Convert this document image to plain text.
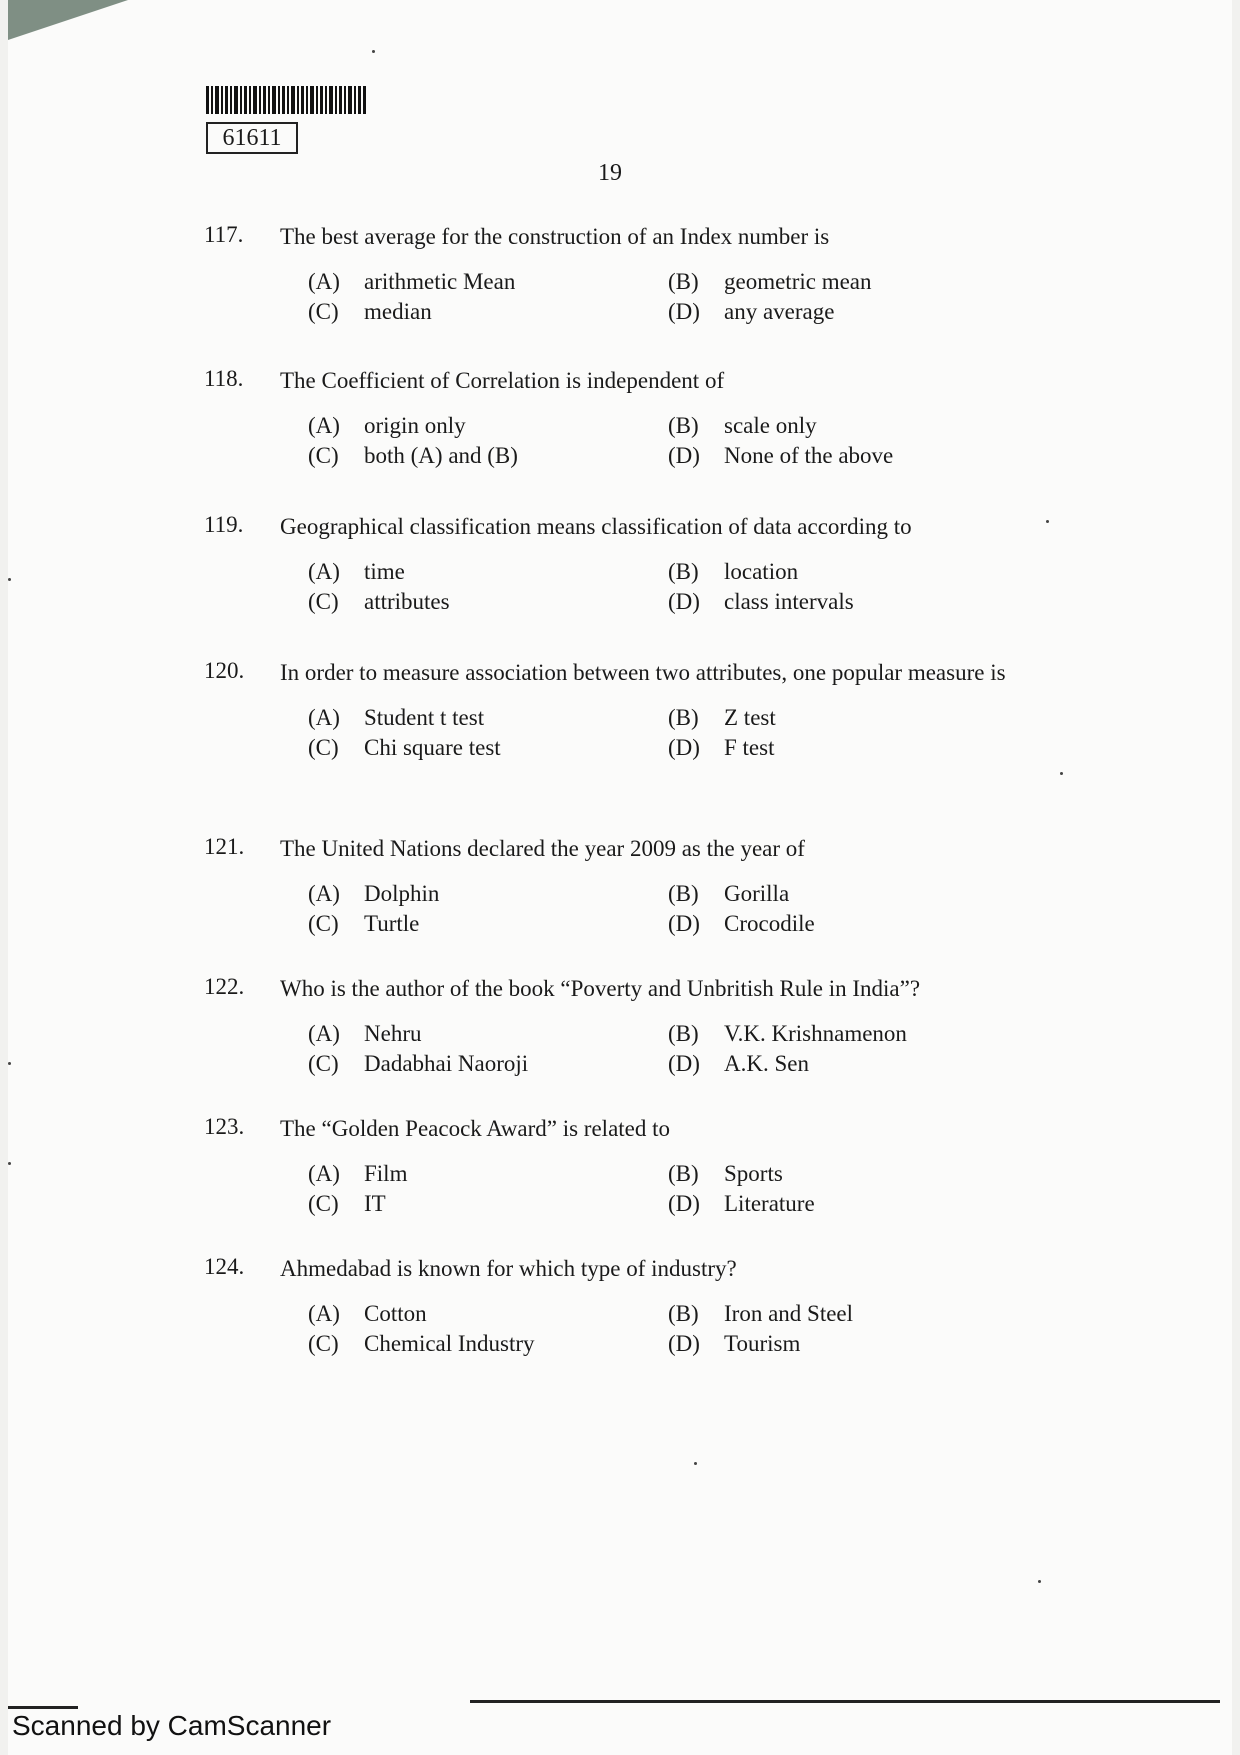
61611
19
117.	The best average for the construction of an Index number is
(A)	arithmetic Mean	(B)	geometric mean
(C)	median	(D)	any average
118.	The Coefficient of Correlation is independent of
(A)	origin only	(B)	scale only
(C)	both (A) and (B)	(D)	None of the above
119.	Geographical classification means classification of data according to
(A)	time	(B)	location
(C)	attributes	(D)	class intervals
120.	In order to measure association between two attributes, one popular measure is
(A)	Student t test	(B)	Z test
(C)	Chi square test	(D)	F test
121.	The United Nations declared the year 2009 as the year of
(A)	Dolphin	(B)	Gorilla
(C)	Turtle	(D)	Crocodile
122.	Who is the author of the book “Poverty and Unbritish Rule in India”?
(A)	Nehru	(B)	V.K. Krishnamenon
(C)	Dadabhai Naoroji	(D)	A.K. Sen
123.	The “Golden Peacock Award” is related to
(A)	Film	(B)	Sports
(C)	IT	(D)	Literature
124.	Ahmedabad is known for which type of industry?
(A)	Cotton	(B)	Iron and Steel
(C)	Chemical Industry	(D)	Tourism
Scanned by CamScanner
